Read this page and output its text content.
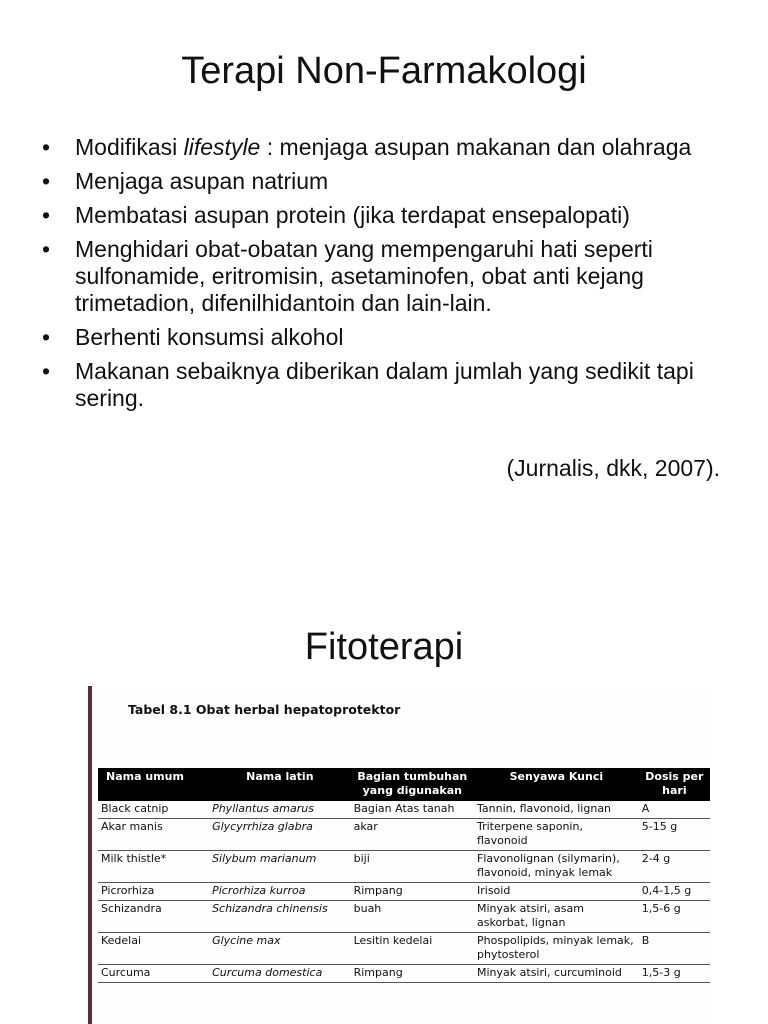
Terapi Non-Farmakologi
• Modifikasi lifestyle : menjaga asupan makanan dan olahraga
• Menjaga asupan natrium
• Membatasi asupan protein (jika terdapat ensepalopati)
• Menghidari obat-obatan yang mempengaruhi hati seperti sulfonamide, eritromisin, asetaminofen, obat anti kejang trimetadion, difenilhidantoin dan lain-lain.
• Berhenti konsumsi alkohol
• Makanan sebaiknya diberikan dalam jumlah yang sedikit tapi sering.
(Jurnalis, dkk, 2007).
Fitoterapi
Tabel 8.1 Obat herbal hepatoprotektor
Nama umum	Nama latin	Bagian tumbuhan yang digunakan	Senyawa Kunci	Dosis per hari
Black catnip	Phyllantus amarus	Bagian Atas tanah	Tannin, flavonoid, lignan	A
Akar manis	Glycyrrhiza glabra	akar	Triterpene saponin, flavonoid	5-15 g
Milk thistle*	Silybum marianum	biji	Flavonolignan (silymarin), flavonoid, minyak lemak	2-4 g
Picrorhiza	Picrorhiza kurroa	Rimpang	Irisoid	0,4-1,5 g
Schizandra	Schizandra chinensis	buah	Minyak atsiri, asam askorbat, lignan	1,5-6 g
Kedelai	Glycine max	Lesitin kedelai	Phospolipids, minyak lemak, phytosterol	B
Curcuma	Curcuma domestica	Rimpang	Minyak atsiri, curcuminoid	1,5-3 g
